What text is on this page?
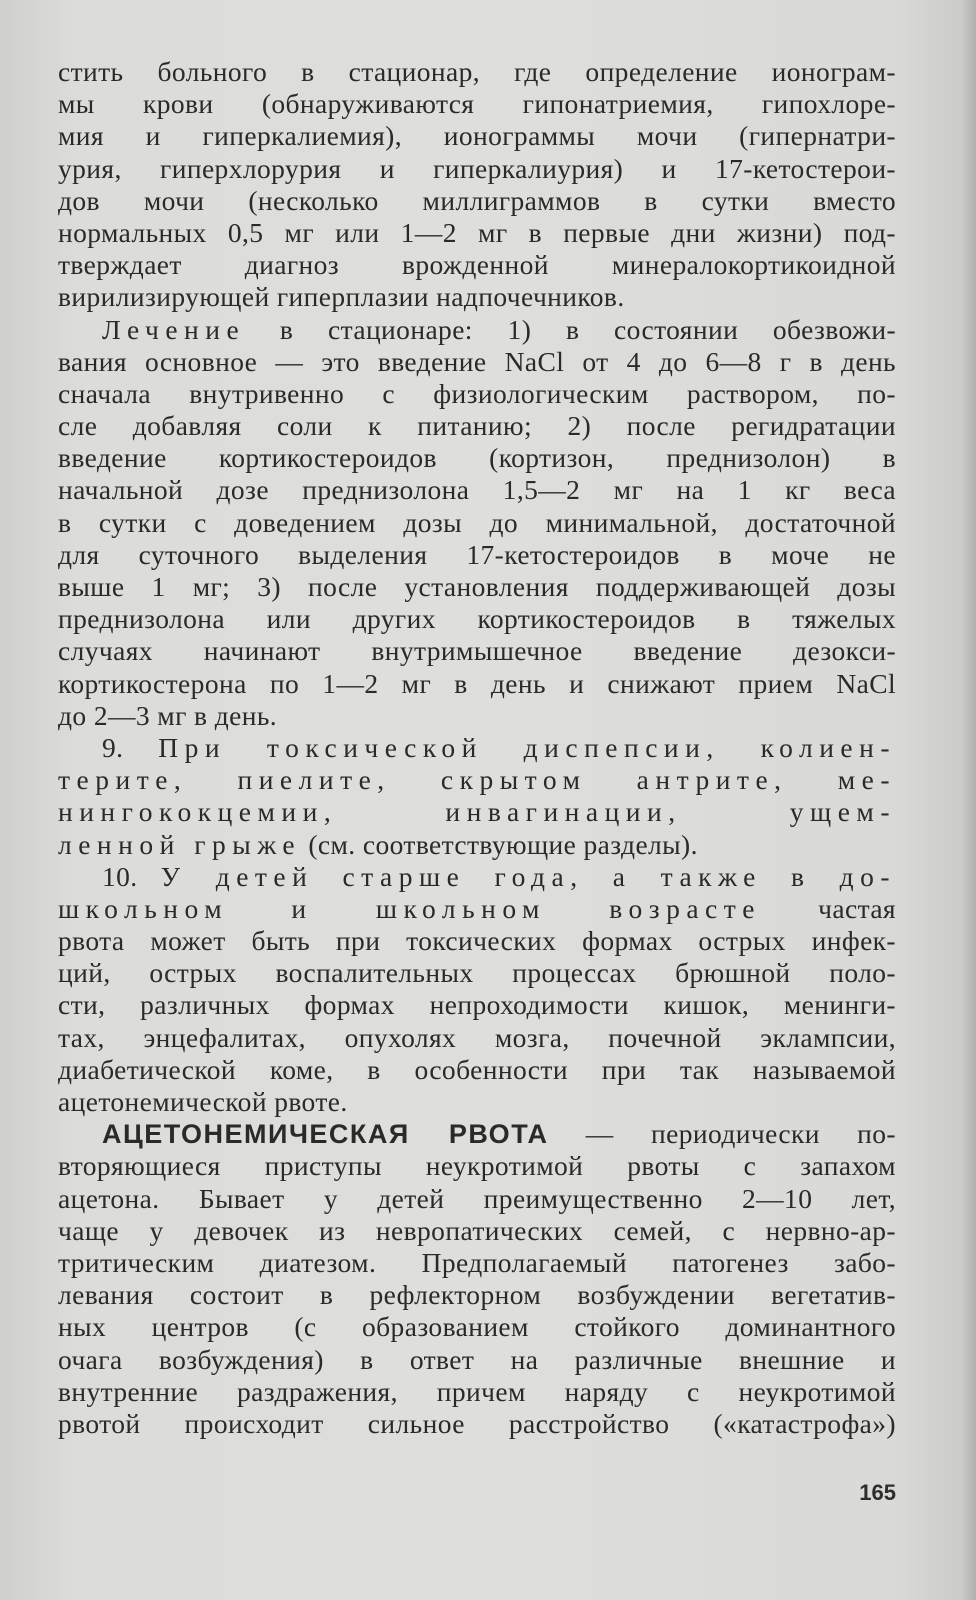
стить больного в стационар, где определение ионограм-
мы крови (обнаруживаются гипонатриемия, гипохлоре-
мия и гиперкалиемия), ионограммы мочи (гипернатри-
урия, гиперхлорурия и гиперкалиурия) и 17-кетостерои-
дов мочи (несколько миллиграммов в сутки вместо
нормальных 0,5 мг или 1—2 мг в первые дни жизни) под-
тверждает диагноз врожденной минералокортикоидной
вирилизирующей гиперплазии надпочечников.
Лечение в стационаре: 1) в состоянии обезвожи-
вания основное — это введение NaCl от 4 до 6—8 г в день
сначала внутривенно с физиологическим раствором, по-
сле добавляя соли к питанию; 2) после регидратации
введение кортикостероидов (кортизон, преднизолон) в
начальной дозе преднизолона 1,5—2 мг на 1 кг веса
в сутки с доведением дозы до минимальной, достаточной
для суточного выделения 17-кетостероидов в моче не
выше 1 мг; 3) после установления поддерживающей дозы
преднизолона или других кортикостероидов в тяжелых
случаях начинают внутримышечное введение дезокси-
кортикостерона по 1—2 мг в день и снижают прием NaCl
до 2—3 мг в день.
9. При токсической диспепсии, колиен-
терите, пиелите, скрытом антрите, ме-
нингококцемии, инвагинации, ущем-
ленной грыже (см. соответствующие разделы).
10. У детей старше года, а также в до-
школьном и школьном возрасте частая
рвота может быть при токсических формах острых инфек-
ций, острых воспалительных процессах брюшной поло-
сти, различных формах непроходимости кишок, менинги-
тах, энцефалитах, опухолях мозга, почечной эклампсии,
диабетической коме, в особенности при так называемой
ацетонемической рвоте.
АЦЕТОНЕМИЧЕСКАЯ РВОТА — периодически по-
вторяющиеся приступы неукротимой рвоты с запахом
ацетона. Бывает у детей преимущественно 2—10 лет,
чаще у девочек из невропатических семей, с нервно-ар-
тритическим диатезом. Предполагаемый патогенез забо-
левания состоит в рефлекторном возбуждении вегетатив-
ных центров (с образованием стойкого доминантного
очага возбуждения) в ответ на различные внешние и
внутренние раздражения, причем наряду с неукротимой
рвотой происходит сильное расстройство («катастрофа»)
165
